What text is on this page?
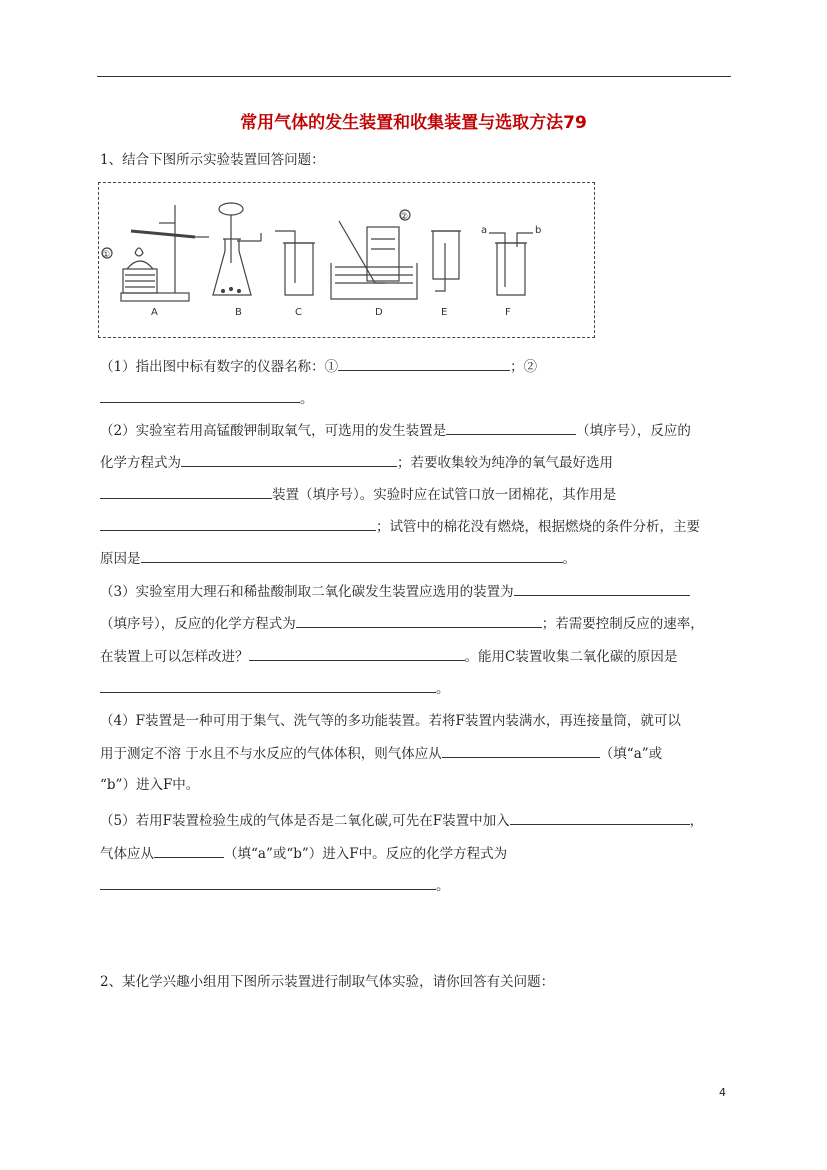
常用气体的发生装置和收集装置与选取方法79
1、结合下图所示实验装置回答问题：
A	B	C	D	E	F
①
②
a	b
（1）指出图中标有数字的仪器名称：①	；②
。
（2）实验室若用高锰酸钾制取氧气，可选用的发生装置是	（填序号），反应的
化学方程式为	；若要收集较为纯净的氧气最好选用
装置（填序号）。实验时应在试管口放一团棉花，其作用是
；试管中的棉花没有燃烧，根据燃烧的条件分析，主要
原因是	。
（3）实验室用大理石和稀盐酸制取二氧化碳发生装置应选用的装置为
（填序号），反应的化学方程式为	；若需要控制反应的速率，
在装置上可以怎样改进？	。能用C装置收集二氧化碳的原因是
。
（4）F装置是一种可用于集气、洗气等的多功能装置。若将F装置内装满水，再连接量筒，就可以
用于测定不溶 于水且不与水反应的气体体积，则气体应从	（填“a”或
“b”）进入F中。
（5）若用F装置检验生成的气体是否是二氧化碳,可先在F装置中加入	，
气体应从	（填“a”或“b”）进入F中。反应的化学方程式为
。
2、某化学兴趣小组用下图所示装置进行制取气体实验，请你回答有关问题：
4
